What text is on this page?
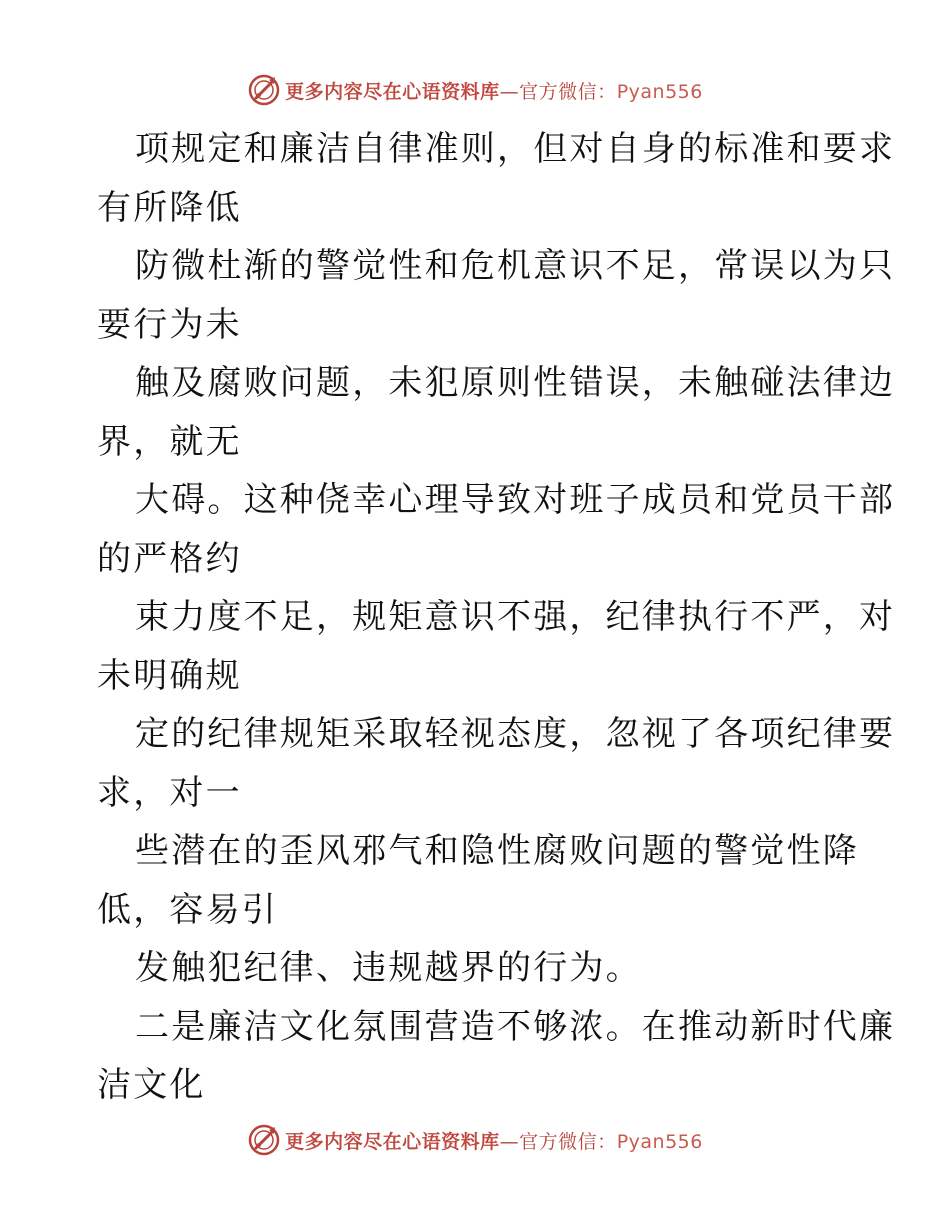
更多内容尽在心语资料库—官方微信：Pyan556
项规定和廉洁自律准则，但对自身的标准和要求
有所降低
防微杜渐的警觉性和危机意识不足，常误以为只
要行为未
触及腐败问题，未犯原则性错误，未触碰法律边
界，就无
大碍。这种侥幸心理导致对班子成员和党员干部
的严格约
束力度不足，规矩意识不强，纪律执行不严，对
未明确规
定的纪律规矩采取轻视态度，忽视了各项纪律要
求，对一
些潜在的歪风邪气和隐性腐败问题的警觉性降
低，容易引
发触犯纪律、违规越界的行为。
二是廉洁文化氛围营造不够浓。在推动新时代廉
洁文化
更多内容尽在心语资料库—官方微信：Pyan556
